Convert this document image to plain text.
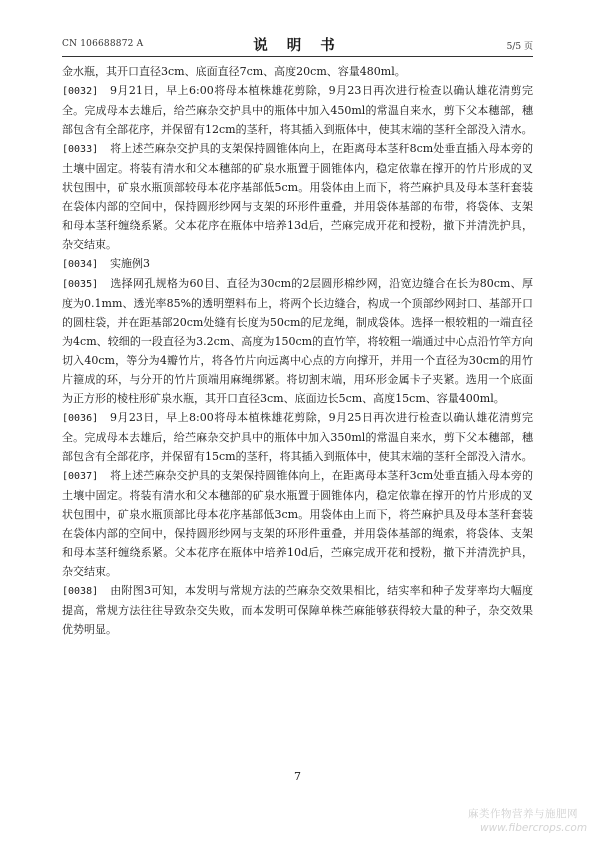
CN 106688872 A	说 明 书	5/5 页

金水瓶，其开口直径3cm、底面直径7cm、高度20cm、容量480ml。

[0032] 9月21日，早上6:00将母本植株雄花剪除，9月23日再次进行检查以确认雄花清剪完全。完成母本去雄后，给苎麻杂交护具中的瓶体中加入450ml的常温自来水，剪下父本穗部，穗部包含有全部花序，并保留有12cm的茎秆，将其插入到瓶体中，使其末端的茎秆全部没入清水。

[0033] 将上述苎麻杂交护具的支架保持圆锥体向上，在距离母本茎秆8cm处垂直插入母本旁的土壤中固定。将装有清水和父本穗部的矿泉水瓶置于圆锥体内，稳定依靠在撑开的竹片形成的叉状包围中，矿泉水瓶顶部较母本花序基部低5cm。用袋体由上而下，将苎麻护具及母本茎秆套装在袋体内部的空间中，保持圆形纱网与支架的环形件重叠，并用袋体基部的布带，将袋体、支架和母本茎秆缠绕系紧。父本花序在瓶体中培养13d后，苎麻完成开花和授粉，撤下并清洗护具，杂交结束。

[0034] 实施例3

[0035] 选择网孔规格为60目、直径为30cm的2层圆形棉纱网，沿宽边缝合在长为80cm、厚度为0.1mm、透光率85%的透明塑料布上，将两个长边缝合，构成一个顶部纱网封口、基部开口的圆柱袋，并在距基部20cm处缝有长度为50cm的尼龙绳，制成袋体。选择一根较粗的一端直径为4cm、较细的一段直径为3.2cm、高度为150cm的直竹竿，将较粗一端通过中心点沿竹竿方向切入40cm，等分为4瓣竹片，将各竹片向远离中心点的方向撑开，并用一个直径为30cm的用竹片箍成的环，与分开的竹片顶端用麻绳绑紧。将切割末端，用环形金属卡子夹紧。选用一个底面为正方形的棱柱形矿泉水瓶，其开口直径3cm、底面边长5cm、高度15cm、容量400ml。

[0036] 9月23日，早上8:00将母本植株雄花剪除，9月25日再次进行检查以确认雄花清剪完全。完成母本去雄后，给苎麻杂交护具中的瓶体中加入350ml的常温自来水，剪下父本穗部，穗部包含有全部花序，并保留有15cm的茎秆，将其插入到瓶体中，使其末端的茎秆全部没入清水。

[0037] 将上述苎麻杂交护具的支架保持圆锥体向上，在距离母本茎秆3cm处垂直插入母本旁的土壤中固定。将装有清水和父本穗部的矿泉水瓶置于圆锥体内，稳定依靠在撑开的竹片形成的叉状包围中，矿泉水瓶顶部比母本花序基部低3cm。用袋体由上而下，将苎麻护具及母本茎秆套装在袋体内部的空间中，保持圆形纱网与支架的环形件重叠，并用袋体基部的绳索，将袋体、支架和母本茎秆缠绕系紧。父本花序在瓶体中培养10d后，苎麻完成开花和授粉，撤下并清洗护具，杂交结束。

[0038] 由附图3可知，本发明与常规方法的苎麻杂交效果相比，结实率和种子发芽率均大幅度提高，常规方法往往导致杂交失败，而本发明可保障单株苎麻能够获得较大量的种子，杂交效果优势明显。

7
麻类作物营养与施肥网
www.fibercrops.com
